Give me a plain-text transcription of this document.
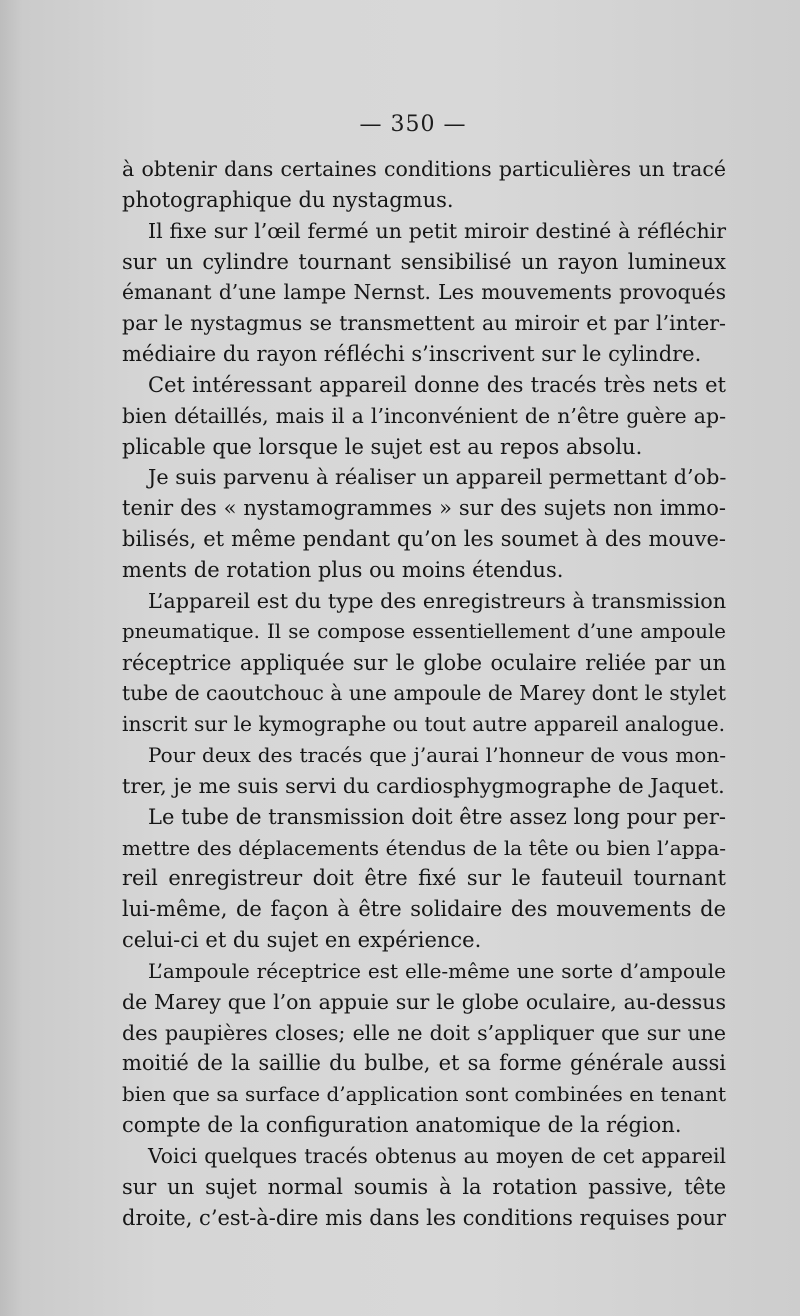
— 350 —
à obtenir dans certaines conditions particulières un tracé
photographique du nystagmus.
Il fixe sur l’œil fermé un petit miroir destiné à réfléchir
sur un cylindre tournant sensibilisé un rayon lumineux
émanant d’une lampe Nernst. Les mouvements provoqués
par le nystagmus se transmettent au miroir et par l’inter-
médiaire du rayon réfléchi s’inscrivent sur le cylindre.
Cet intéressant appareil donne des tracés très nets et
bien détaillés, mais il a l’inconvénient de n’être guère ap-
plicable que lorsque le sujet est au repos absolu.
Je suis parvenu à réaliser un appareil permettant d’ob-
tenir des « nystamogrammes » sur des sujets non immo-
bilisés, et même pendant qu’on les soumet à des mouve-
ments de rotation plus ou moins étendus.
L’appareil est du type des enregistreurs à transmission
pneumatique. Il se compose essentiellement d’une ampoule
réceptrice appliquée sur le globe oculaire reliée par un
tube de caoutchouc à une ampoule de Marey dont le stylet
inscrit sur le kymographe ou tout autre appareil analogue.
Pour deux des tracés que j’aurai l’honneur de vous mon-
trer, je me suis servi du cardiosphygmographe de Jaquet.
Le tube de transmission doit être assez long pour per-
mettre des déplacements étendus de la tête ou bien l’appa-
reil enregistreur doit être fixé sur le fauteuil tournant
lui-même, de façon à être solidaire des mouvements de
celui-ci et du sujet en expérience.
L’ampoule réceptrice est elle-même une sorte d’ampoule
de Marey que l’on appuie sur le globe oculaire, au-dessus
des paupières closes; elle ne doit s’appliquer que sur une
moitié de la saillie du bulbe, et sa forme générale aussi
bien que sa surface d’application sont combinées en tenant
compte de la configuration anatomique de la région.
Voici quelques tracés obtenus au moyen de cet appareil
sur un sujet normal soumis à la rotation passive, tête
droite, c’est-à-dire mis dans les conditions requises pour
